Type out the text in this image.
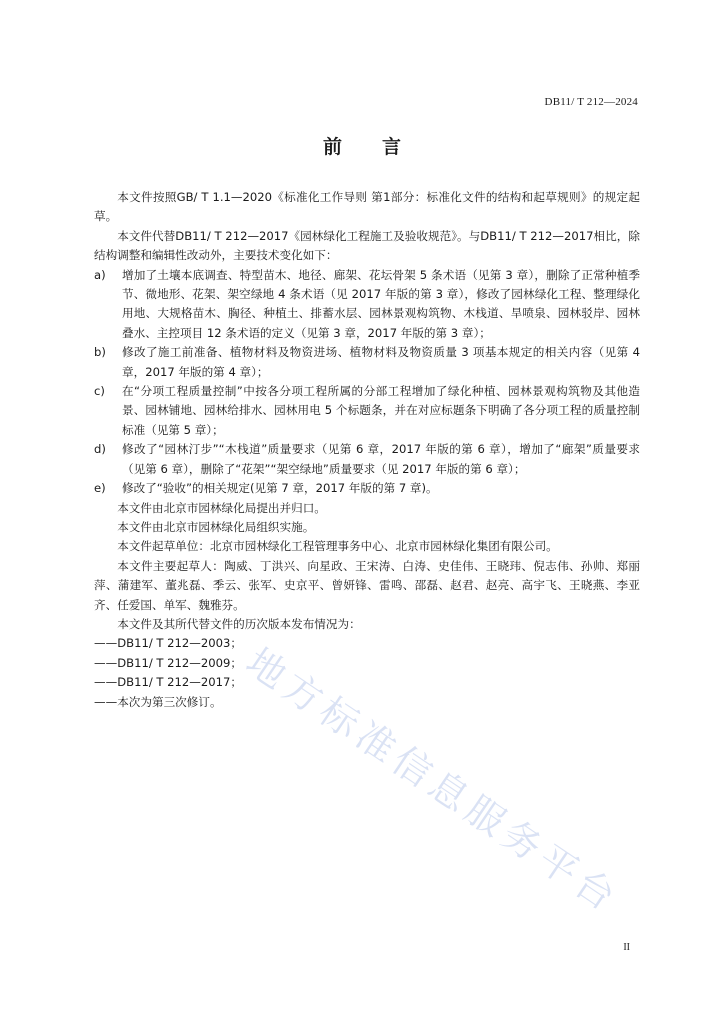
DB11/ T 212—2024
前言

本文件按照GB/ T 1.1—2020《标准化工作导则 第1部分：标准化文件的结构和起草规则》的规定起草。

本文件代替DB11/ T 212—2017《园林绿化工程施工及验收规范》。与DB11/ T 212—2017相比，除结构调整和编辑性改动外，主要技术变化如下：

a)	增加了土壤本底调查、特型苗木、地径、廊架、花坛骨架 5 条术语（见第 3 章），删除了正常种植季节、微地形、花架、架空绿地 4 条术语（见 2017 年版的第 3 章），修改了园林绿化工程、整理绿化用地、大规格苗木、胸径、种植土、排蓄水层、园林景观构筑物、木栈道、旱喷泉、园林驳岸、园林叠水、主控项目 12 条术语的定义（见第 3 章，2017 年版的第 3 章）；
b)	修改了施工前准备、植物材料及物资进场、植物材料及物资质量 3 项基本规定的相关内容（见第 4 章，2017 年版的第 4 章）；
c)	在“分项工程质量控制”中按各分项工程所属的分部工程增加了绿化种植、园林景观构筑物及其他造景、园林铺地、园林给排水、园林用电 5 个标题条，并在对应标题条下明确了各分项工程的质量控制标准（见第 5 章）；
d)	修改了“园林汀步”“木栈道”质量要求（见第 6 章，2017 年版的第 6 章），增加了“廊架”质量要求（见第 6 章），删除了“花架”“架空绿地”质量要求（见 2017 年版的第 6 章）；
e)	修改了“验收”的相关规定(见第 7 章，2017 年版的第 7 章)。

本文件由北京市园林绿化局提出并归口。

本文件由北京市园林绿化局组织实施。

本文件起草单位：北京市园林绿化工程管理事务中心、北京市园林绿化集团有限公司。

本文件主要起草人：陶威、丁洪兴、向星政、王宋涛、白涛、史佳伟、王晓玮、倪志伟、孙帅、郑丽萍、蒲建军、董兆磊、季云、张军、史京平、曾妍锋、雷鸣、邵磊、赵君、赵亮、高宇飞、王晓燕、李亚齐、任爱国、单军、魏雅芬。

本文件及其所代替文件的历次版本发布情况为：

——DB11/ T 212—2003；

——DB11/ T 212—2009；

——DB11/ T 212—2017；

——本次为第三次修订。 地方标准信息服务平台
II
